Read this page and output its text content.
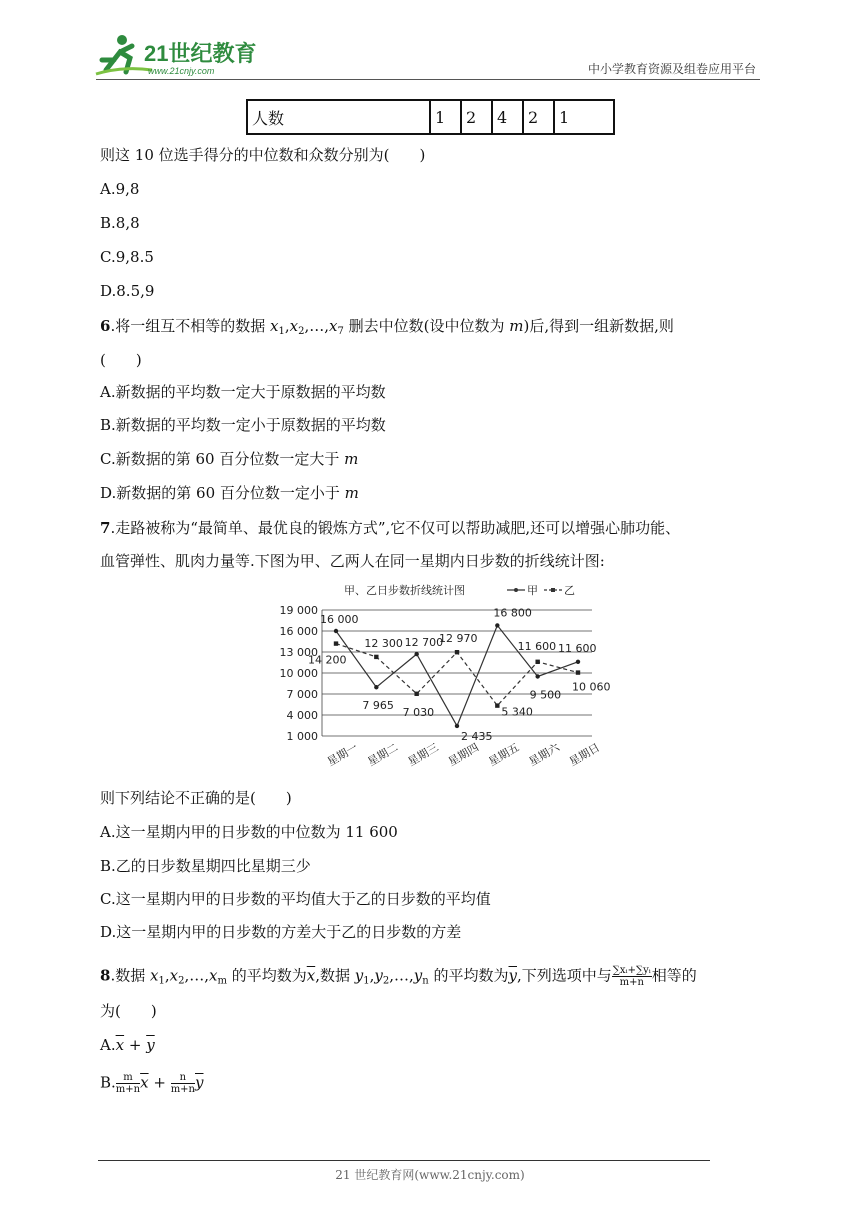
21世纪教育
www.21cnjy.com	中小学教育资源及组卷应用平台
人数	1	2	4	2	1
则这 10 位选手得分的中位数和众数分别为(　　)
A.9,8
B.8,8
C.9,8.5
D.8.5,9
6.将一组互不相等的数据 $x_1,x_2,\dots,x_7$ 删去中位数(设中位数为 m)后,得到一组新数据,则
(　　)
A.新数据的平均数一定大于原数据的平均数
B.新数据的平均数一定小于原数据的平均数
C.新数据的第 60 百分位数一定大于 m
D.新数据的第 60 百分位数一定小于 m
7.走路被称为“最简单、最优良的锻炼方式”,它不仅可以帮助减肥,还可以增强心肺功能、
血管弹性、肌肉力量等.下图为甲、乙两人在同一星期内日步数的折线统计图:
甲、乙日步数折线统计图	甲 乙
1 000
4 000
7 000
10 000
13 000
16 000
19 000
星期一 星期二 星期三 星期四 星期五 星期六 星期日
16 000
7 965
12 700
2 435
16 800
9 500
11 600
14 200
12 300
7 030
12 970
5 340
11 600
10 060
则下列结论不正确的是(　　)
A.这一星期内甲的日步数的中位数为 11 600
B.乙的日步数星期四比星期三少
C.这一星期内甲的日步数的平均值大于乙的日步数的平均值
D.这一星期内甲的日步数的方差大于乙的日步数的方差
8.数据 $x_1,x_2,\dots,x_m$ 的平均数为$\overline{x}$,数据 $y_1,y_2,\dots,y_n$ 的平均数为$\overline{y}$,下列选项中与 $\frac{\text{∑xᵢ+∑yᵢ}}{m+n}$ 相等的
为(　　)
$A.\overline{x} + \overline{y}$
B. $\frac{m}{m+n} \overline{x} + \frac{n}{m+n} \overline{y}$
21 世纪教育网(www.21cnjy.com)
